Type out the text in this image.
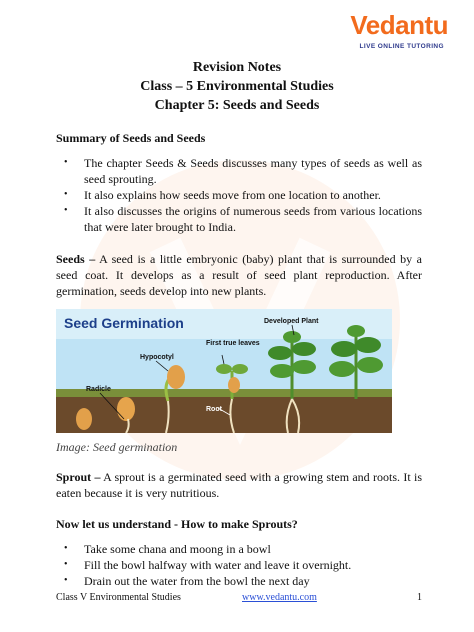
Vedantu
LIVE ONLINE TUTORING
Revision Notes
Class – 5 Environmental Studies
Chapter 5: Seeds and Seeds
Summary of Seeds and Seeds
• The chapter Seeds & Seeds discusses many types of seeds as well as seed sprouting.
• It also explains how seeds move from one location to another.
• It also discusses the origins of numerous seeds from various locations that were later brought to India.

Seeds – A seed is a little embryonic (baby) plant that is surrounded by a seed coat. It develops as a result of seed plant reproduction. After germination, seeds develop into new plants.

Seed Germination	Developed Plant
First true leaves
Hypocotyl
Radicle
Root
Image: Seed germination

Sprout – A sprout is a germinated seed with a growing stem and roots. It is eaten because it is very nutritious.

Now let us understand - How to make Sprouts?
• Take some chana and moong in a bowl
• Fill the bowl halfway with water and leave it overnight.
• Drain out the water from the bowl the next day
Class V Environmental Studies	www.vedantu.com	1
